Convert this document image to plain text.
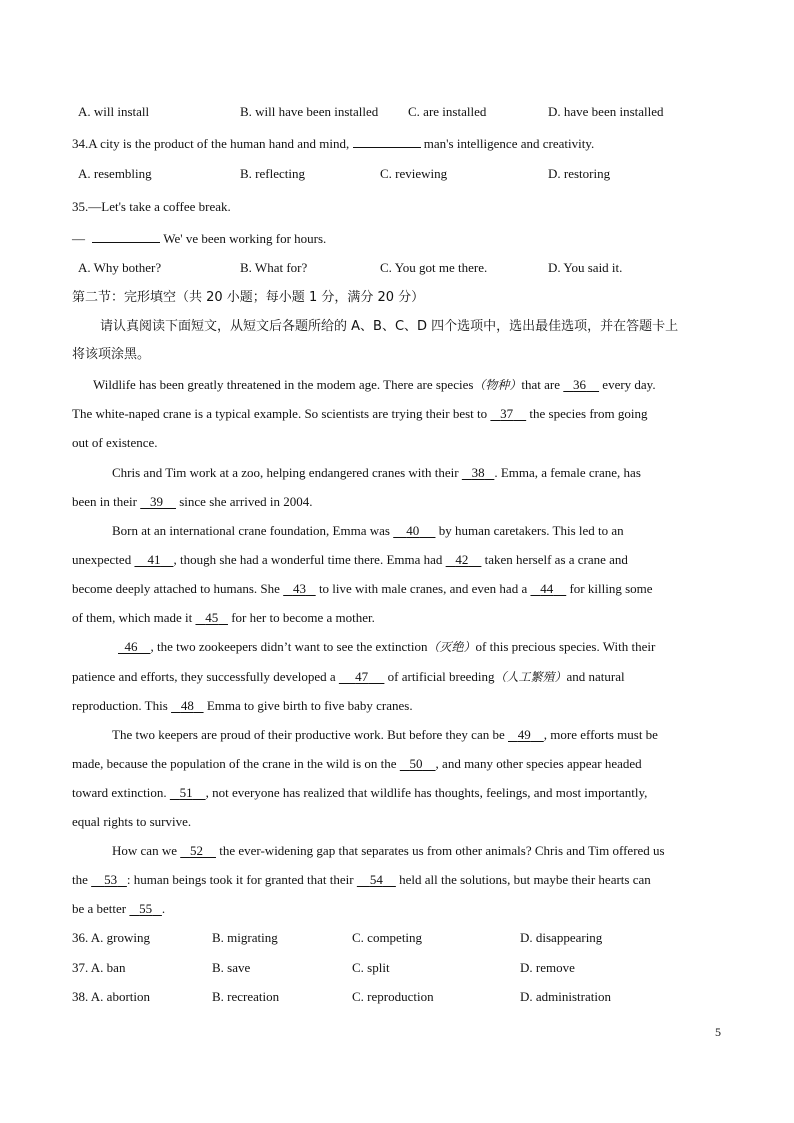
A. will install	B. will have been installed C. are installed	D. have been installed
34.A city is the product of the human hand and mind,	man's intelligence and creativity.
A. resembling	B. reflecting	C. reviewing	D. restoring
35.—Let's take a coffee break.
—	We' ve been working for hours.
A. Why bother?	B. What for?	C. You got me there.	D. You said it.
第二节：完形填空（共 20 小题；每小题 1 分，满分 20 分）
请认真阅读下面短文，从短文后各题所给的 A、B、C、D 四个选项中，选出最佳选项，并在答题卡上
将该项涂黑。
Wildlife has been greatly threatened in the modem age. There are species（物种）that are 36 every day.
The white-naped crane is a typical example. So scientists are trying their best to 37 the species from going
out of existence.
Chris and Tim work at a zoo, helping endangered cranes with their 38 . Emma, a female crane, has
been in their 39 since she arrived in 2004.
Born at an international crane foundation, Emma was 40 by human caretakers. This led to an
unexpected 41 , though she had a wonderful time there. Emma had 42 taken herself as a crane and
become deeply attached to humans. She 43 to live with male cranes, and even had a 44 for killing some
of them, which made it 45 for her to become a mother.
46 , the two zookeepers didn’t want to see the extinction（灭绝）of this precious species. With their
patience and efforts, they successfully developed a 47 of artificial breeding（人工繁殖）and natural
reproduction. This 48 Emma to give birth to five baby cranes.
The two keepers are proud of their productive work. But before they can be 49 , more efforts must be
made, because the population of the crane in the wild is on the 50 , and many other species appear headed
toward extinction. 51 , not everyone has realized that wildlife has thoughts, feelings, and most importantly,
equal rights to survive.
How can we 52 the ever-widening gap that separates us from other animals? Chris and Tim offered us
the 53 : human beings took it for granted that their 54 held all the solutions, but maybe their hearts can
be a better 55 .
36. A. growing	B. migrating	C. competing	D. disappearing
37. A. ban	B. save	C. split	D. remove
38. A. abortion	B. recreation	C. reproduction	D. administration
5
